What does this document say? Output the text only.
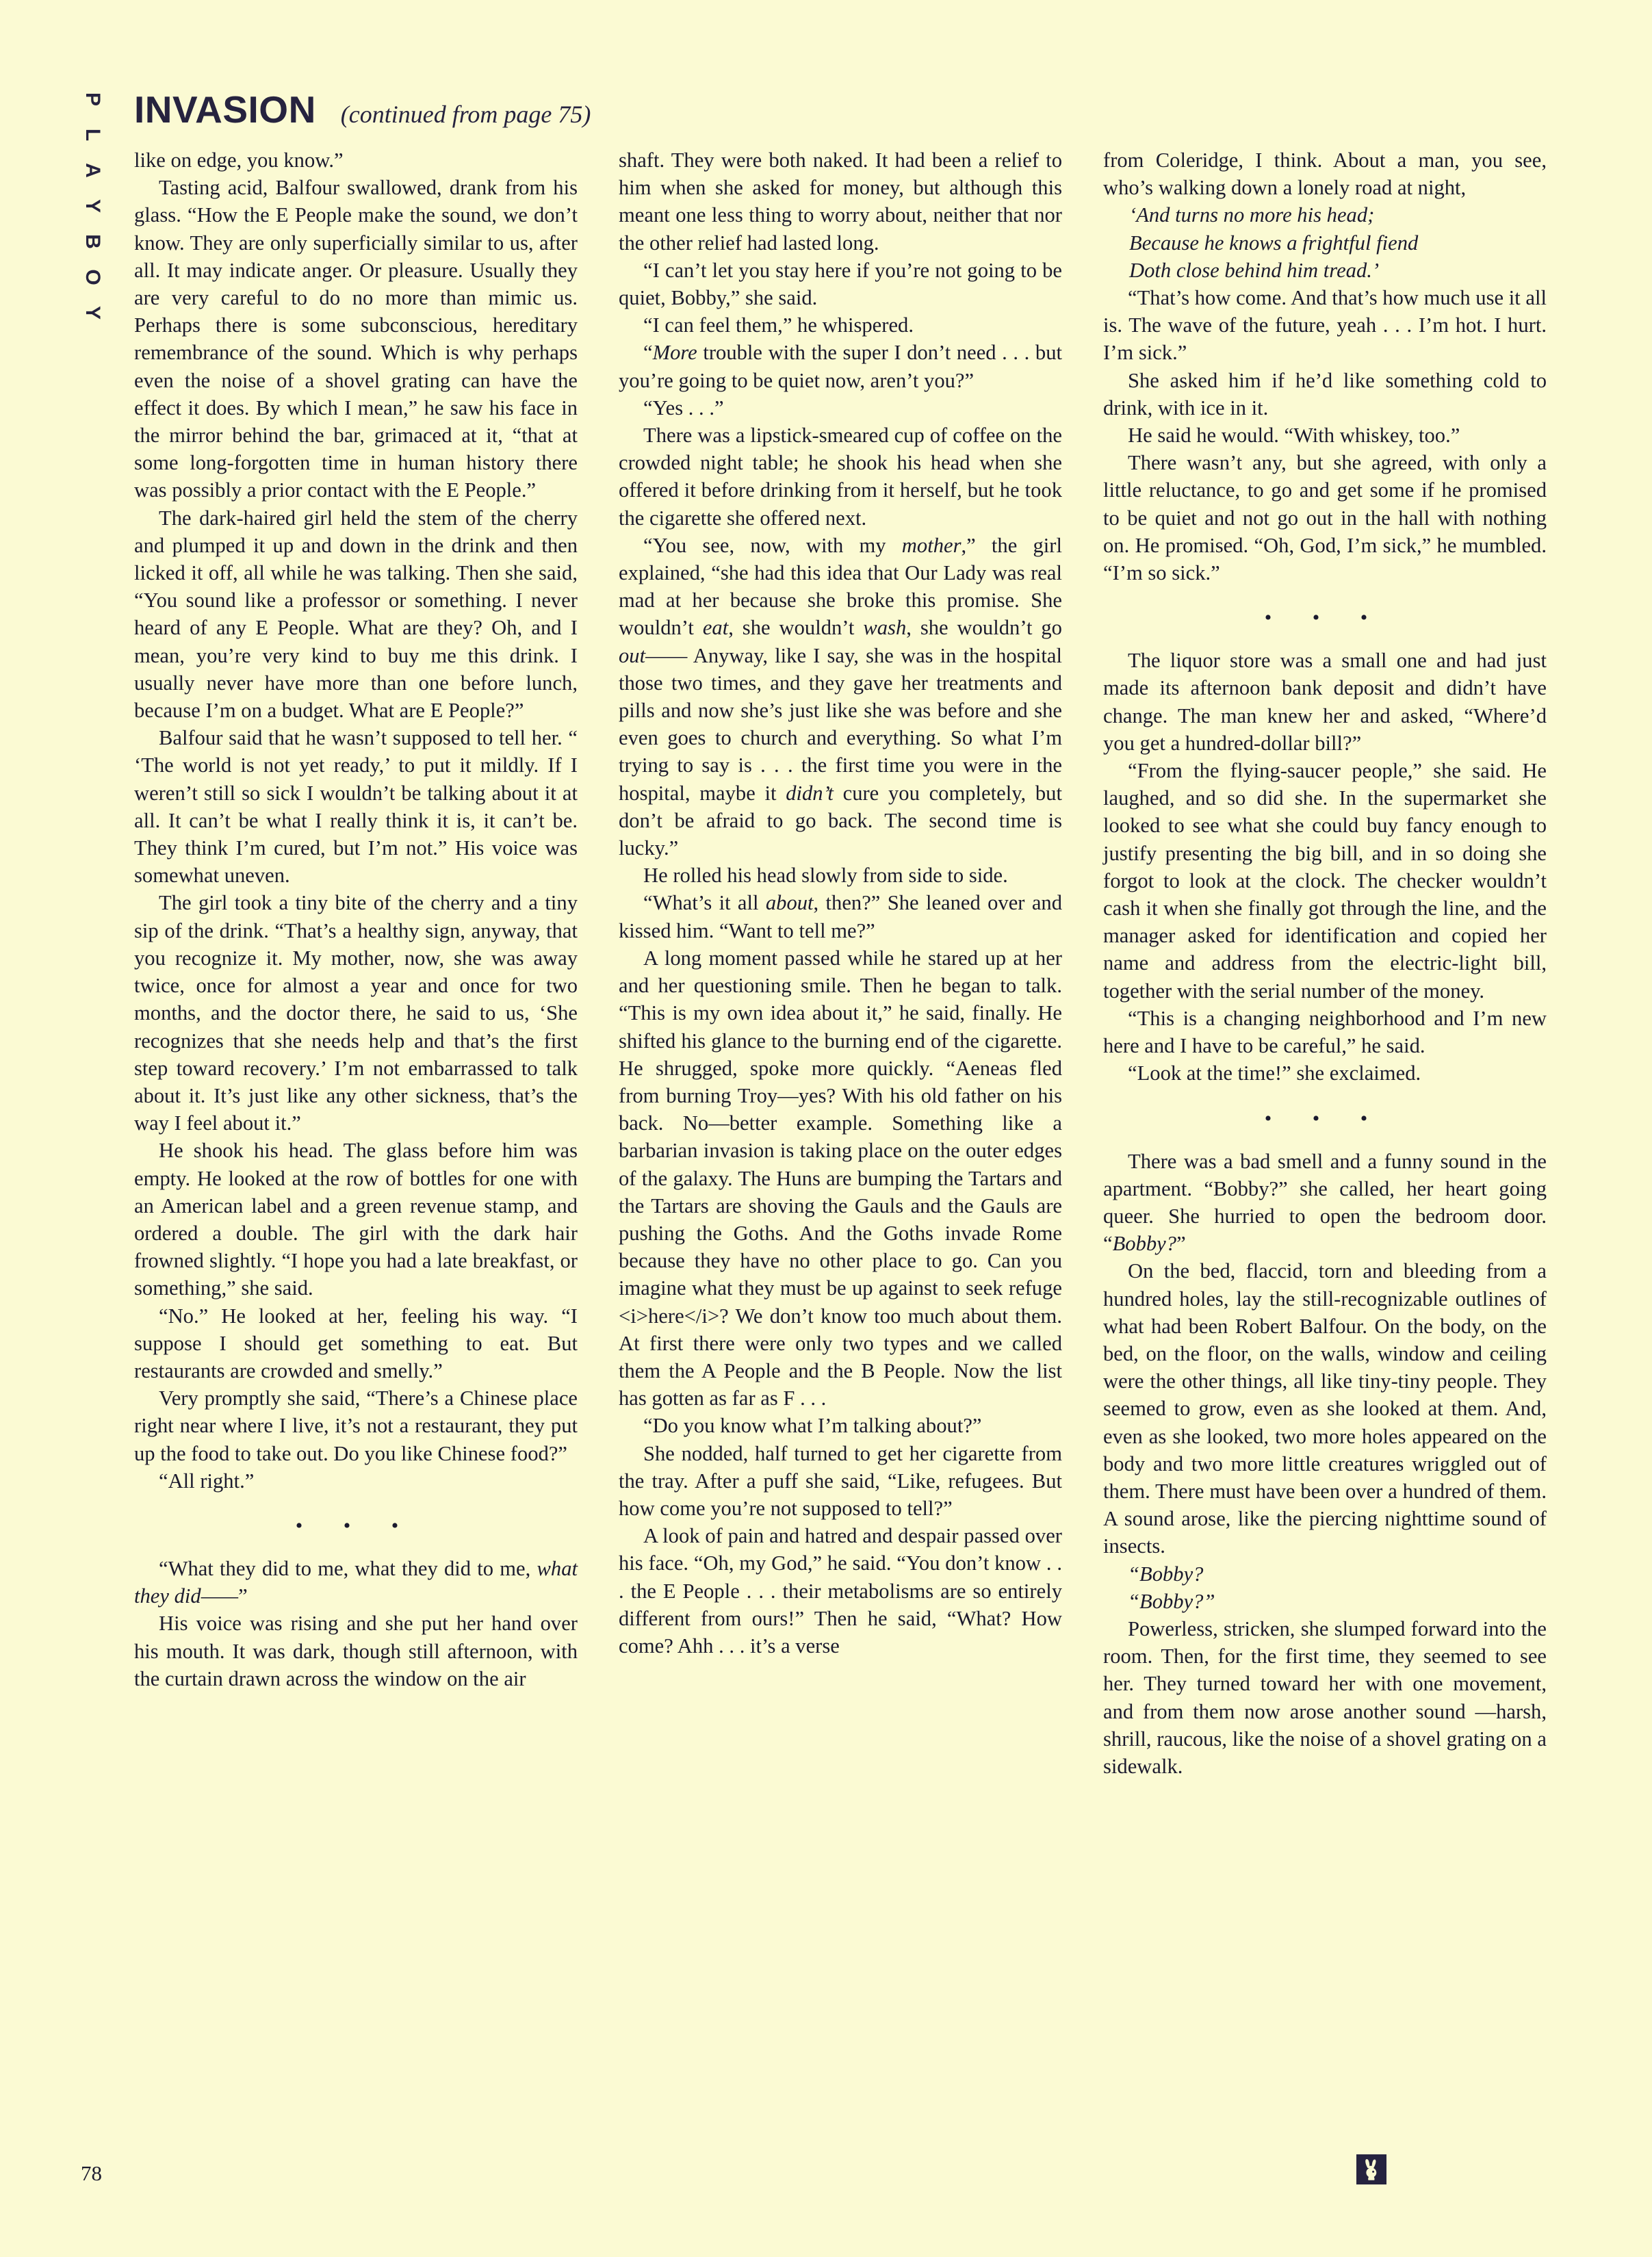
P
L
A
Y
B
O
Y
INVASION (continued from page 75)

like on edge, you know.”

Tasting acid, Balfour swallowed, drank from his glass. “How the E People make the sound, we don’t know. They are only superficially similar to us, after all. It may indicate anger. Or pleasure. Usually they are very careful to do no more than mimic us. Perhaps there is some subconscious, hereditary remembrance of the sound. Which is why perhaps even the noise of a shovel grating can have the effect it does. By which I mean,” he saw his face in the mirror behind the bar, grimaced at it, “that at some long-forgotten time in human history there was possibly a prior contact with the E People.”

The dark-haired girl held the stem of the cherry and plumped it up and down in the drink and then licked it off, all while he was talking. Then she said, “You sound like a professor or something. I never heard of any E People. What are they? Oh, and I mean, you’re very kind to buy me this drink. I usually never have more than one before lunch, because I’m on a budget. What are E People?”

Balfour said that he wasn’t supposed to tell her. “ ‘The world is not yet ready,’ to put it mildly. If I weren’t still so sick I wouldn’t be talking about it at all. It can’t be what I really think it is, it can’t be. They think I’m cured, but I’m not.” His voice was somewhat uneven.

The girl took a tiny bite of the cherry and a tiny sip of the drink. “That’s a healthy sign, anyway, that you recognize it. My mother, now, she was away twice, once for almost a year and once for two months, and the doctor there, he said to us, ‘She recognizes that she needs help and that’s the first step toward recovery.’ I’m not embarrassed to talk about it. It’s just like any other sickness, that’s the way I feel about it.”

He shook his head. The glass before him was empty. He looked at the row of bottles for one with an American label and a green revenue stamp, and ordered a double. The girl with the dark hair frowned slightly. “I hope you had a late breakfast, or something,” she said.

“No.” He looked at her, feeling his way. “I suppose I should get something to eat. But restaurants are crowded and smelly.”

Very promptly she said, “There’s a Chinese place right near where I live, it’s not a restaurant, they put up the food to take out. Do you like Chinese food?”

“All right.”

• • •

“What they did to me, what they did to me, what they did——”

His voice was rising and she put her hand over his mouth. It was dark, though still afternoon, with the curtain drawn across the window on the air

shaft. They were both naked. It had been a relief to him when she asked for money, but although this meant one less thing to worry about, neither that nor the other relief had lasted long.

“I can’t let you stay here if you’re not going to be quiet, Bobby,” she said.

“I can feel them,” he whispered.

“More trouble with the super I don’t need . . . but you’re going to be quiet now, aren’t you?”

“Yes . . .”

There was a lipstick-smeared cup of coffee on the crowded night table; he shook his head when she offered it before drinking from it herself, but he took the cigarette she offered next.

“You see, now, with my mother,” the girl explained, “she had this idea that Our Lady was real mad at her because she broke this promise. She wouldn’t eat, she wouldn’t wash, she wouldn’t go out—— Anyway, like I say, she was in the hospital those two times, and they gave her treatments and pills and now she’s just like she was before and she even goes to church and everything. So what I’m trying to say is . . . the first time you were in the hospital, maybe it didn’t cure you completely, but don’t be afraid to go back. The second time is lucky.”

He rolled his head slowly from side to side.

“What’s it all about, then?” She leaned over and kissed him. “Want to tell me?”

A long moment passed while he stared up at her and her questioning smile. Then he began to talk. “This is my own idea about it,” he said, finally. He shifted his glance to the burning end of the cigarette. He shrugged, spoke more quickly. “Aeneas fled from burning Troy—yes? With his old father on his back. No—better example. Something like a barbarian invasion is taking place on the outer edges of the galaxy. The Huns are bumping the Tartars and the Tartars are shoving the Gauls and the Gauls are pushing the Goths. And the Goths invade Rome because they have no other place to go. Can you imagine what they must be up against to seek refuge <i>here</i>? We don’t know too much about them. At first there were only two types and we called them the A People and the B People. Now the list has gotten as far as F . . .

“Do you know what I’m talking about?”

She nodded, half turned to get her cigarette from the tray. After a puff she said, “Like, refugees. But how come you’re not supposed to tell?”

A look of pain and hatred and despair passed over his face. “Oh, my God,” he said. “You don’t know . . . the E People . . . their metabolisms are so entirely different from ours!” Then he said, “What? How come? Ahh . . . it’s a verse

from Coleridge, I think. About a man, you see, who’s walking down a lonely road at night,

‘And turns no more his head;
Because he knows a frightful fiend
Doth close behind him tread.’

“That’s how come. And that’s how much use it all is. The wave of the future, yeah . . . I’m hot. I hurt. I’m sick.”

She asked him if he’d like something cold to drink, with ice in it.

He said he would. “With whiskey, too.”

There wasn’t any, but she agreed, with only a little reluctance, to go and get some if he promised to be quiet and not go out in the hall with nothing on. He promised. “Oh, God, I’m sick,” he mumbled. “I’m so sick.”

• • •

The liquor store was a small one and had just made its afternoon bank deposit and didn’t have change. The man knew her and asked, “Where’d you get a hundred-dollar bill?”

“From the flying-saucer people,” she said. He laughed, and so did she. In the supermarket she looked to see what she could buy fancy enough to justify presenting the big bill, and in so doing she forgot to look at the clock. The checker wouldn’t cash it when she finally got through the line, and the manager asked for identification and copied her name and address from the electric-light bill, together with the serial number of the money.

“This is a changing neighborhood and I’m new here and I have to be careful,” he said.

“Look at the time!” she exclaimed.

• • •

There was a bad smell and a funny sound in the apartment. “Bobby?” she called, her heart going queer. She hurried to open the bedroom door. “Bobby?”

On the bed, flaccid, torn and bleeding from a hundred holes, lay the still-recognizable outlines of what had been Robert Balfour. On the body, on the bed, on the floor, on the walls, window and ceiling were the other things, all like tiny-tiny people. They seemed to grow, even as she looked at them. And, even as she looked, two more holes appeared on the body and two more little creatures wriggled out of them. There must have been over a hundred of them. A sound arose, like the piercing nighttime sound of insects.

“Bobby?

“Bobby?”

Powerless, stricken, she slumped forward into the room. Then, for the first time, they seemed to see her. They turned toward her with one movement, and from them now arose another sound —harsh, shrill, raucous, like the noise of a shovel grating on a sidewalk.

78
